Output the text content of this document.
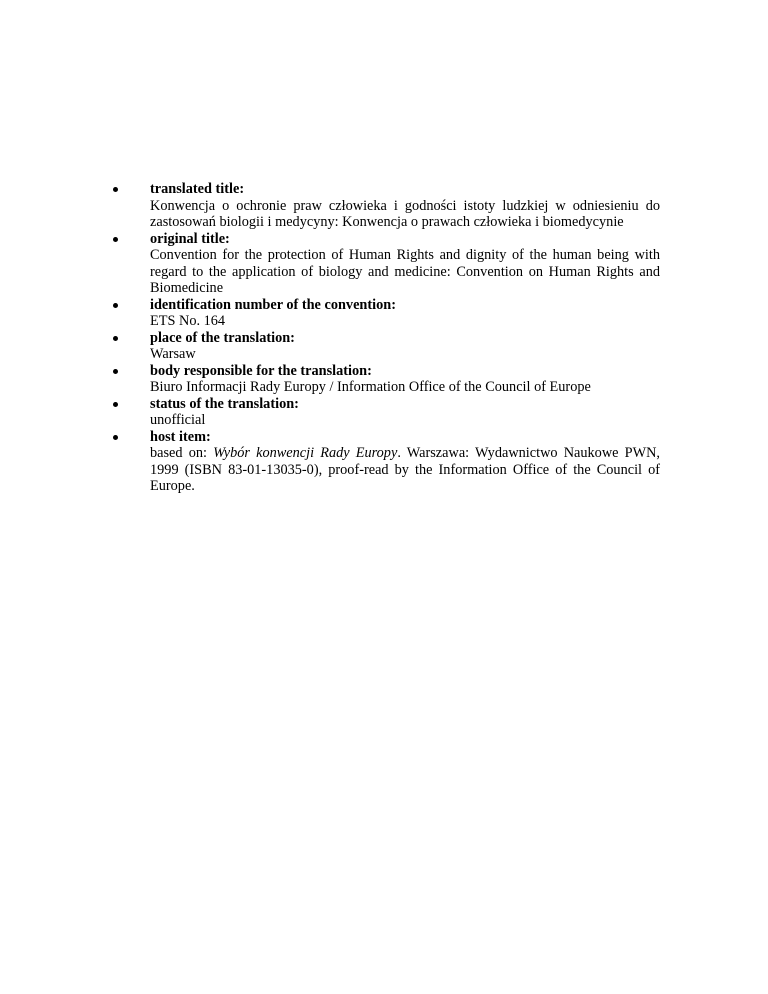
translated title:
Konwencja o ochronie praw człowieka i godności istoty ludzkiej w odniesieniu do zastosowań biologii i medycyny: Konwencja o prawach człowieka i biomedycynie
original title:
Convention for the protection of Human Rights and dignity of the human being with regard to the application of biology and medicine: Convention on Human Rights and Biomedicine
identification number of the convention:
ETS No. 164
place of the translation:
Warsaw
body responsible for the translation:
Biuro Informacji Rady Europy / Information Office of the Council of Europe
status of the translation:
unofficial
host item:
based on: Wybór konwencji Rady Europy. Warszawa: Wydawnictwo Naukowe PWN, 1999 (ISBN 83-01-13035-0), proof-read by the Information Office of the Council of Europe.
